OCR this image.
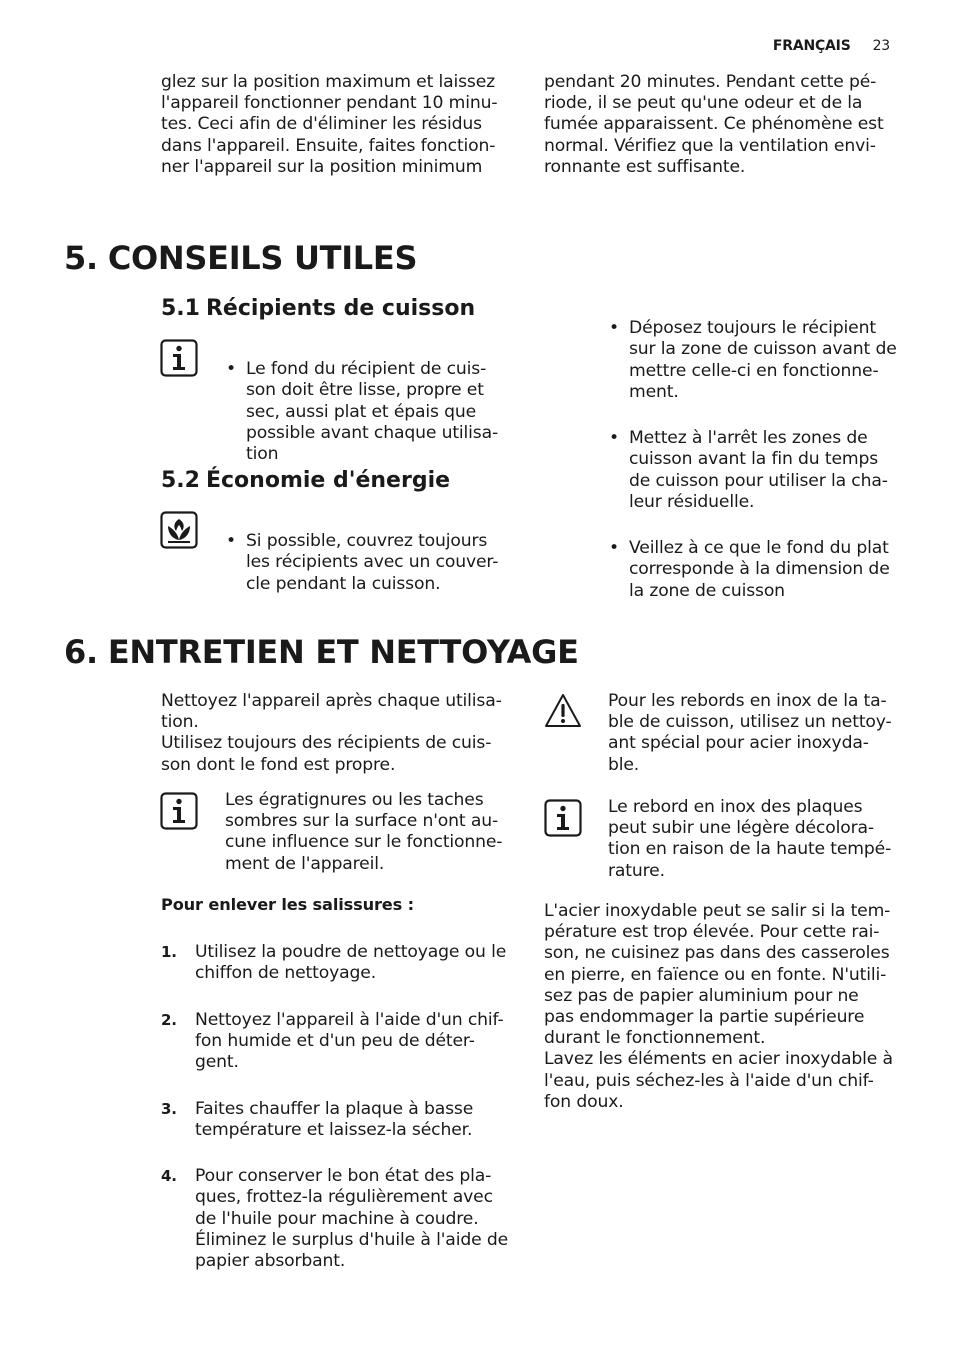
FRANÇAIS 23

glez sur la position maximum et laissez
l'appareil fonctionner pendant 10 minu-
tes. Ceci afin de d'éliminer les résidus
dans l'appareil. Ensuite, faites fonction-
ner l'appareil sur la position minimum

pendant 20 minutes. Pendant cette pé-
riode, il se peut qu'une odeur et de la
fumée apparaissent. Ce phénomène est
normal. Vérifiez que la ventilation envi-
ronnante est suffisante.

5. CONSEILS UTILES
5.1 Récipients de cuisson

• Le fond du récipient de cuis-
son doit être lisse, propre et
sec, aussi plat et épais que
possible avant chaque utilisa-
tion

5.2 Économie d'énergie

• Si possible, couvrez toujours
les récipients avec un couver-
cle pendant la cuisson.

• Déposez toujours le récipient
sur la zone de cuisson avant de
mettre celle-ci en fonctionne-
ment.

• Mettez à l'arrêt les zones de
cuisson avant la fin du temps
de cuisson pour utiliser la cha-
leur résiduelle.

• Veillez à ce que le fond du plat
corresponde à la dimension de
la zone de cuisson

6. ENTRETIEN ET NETTOYAGE

Nettoyez l'appareil après chaque utilisa-
tion.
Utilisez toujours des récipients de cuis-
son dont le fond est propre.

Les égratignures ou les taches
sombres sur la surface n'ont au-
cune influence sur le fonctionne-
ment de l'appareil.

Pour enlever les salissures :

1. Utilisez la poudre de nettoyage ou le
chiffon de nettoyage.

2. Nettoyez l'appareil à l'aide d'un chif-
fon humide et d'un peu de déter-
gent.

3. Faites chauffer la plaque à basse
température et laissez-la sécher.

4. Pour conserver le bon état des pla-
ques, frottez-la régulièrement avec
de l'huile pour machine à coudre.
Éliminez le surplus d'huile à l'aide de
papier absorbant.

Pour les rebords en inox de la ta-
ble de cuisson, utilisez un nettoy-
ant spécial pour acier inoxyda-
ble.

Le rebord en inox des plaques
peut subir une légère décolora-
tion en raison de la haute tempé-
rature.

L'acier inoxydable peut se salir si la tem-
pérature est trop élevée. Pour cette rai-
son, ne cuisinez pas dans des casseroles
en pierre, en faïence ou en fonte. N'utili-
sez pas de papier aluminium pour ne
pas endommager la partie supérieure
durant le fonctionnement.
Lavez les éléments en acier inoxydable à
l'eau, puis séchez-les à l'aide d'un chif-
fon doux.
